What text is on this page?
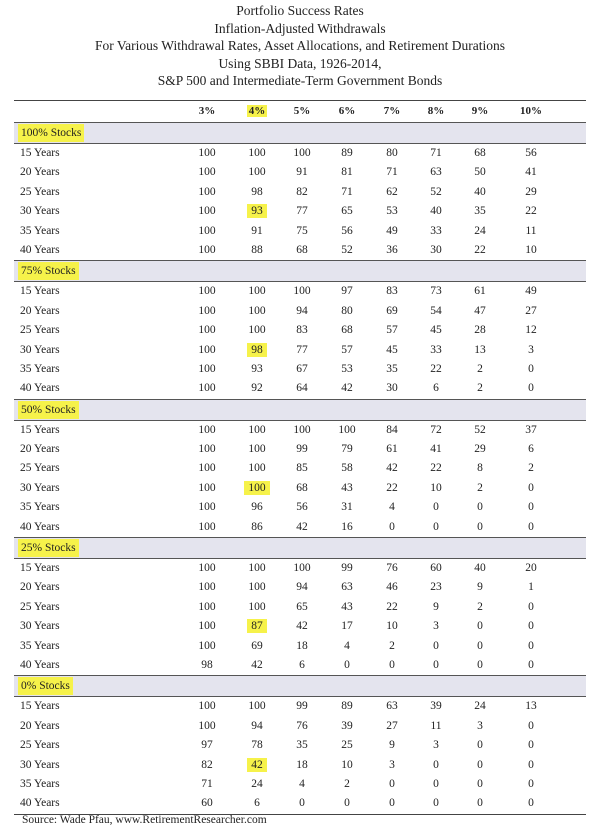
Portfolio Success Rates
Inflation-Adjusted Withdrawals
For Various Withdrawal Rates, Asset Allocations, and Retirement Durations
Using SBBI Data, 1926-2014,
S&P 500 and Intermediate-Term Government Bonds
3%	4%	5%	6%	7%	8%	9%	10%
100% Stocks
15 Years	100	100	100	89	80	71	68	56
20 Years	100	100	91	81	71	63	50	41
25 Years	100	98	82	71	62	52	40	29
30 Years	100	93	77	65	53	40	35	22
35 Years	100	91	75	56	49	33	24	11
40 Years	100	88	68	52	36	30	22	10
75% Stocks
15 Years	100	100	100	97	83	73	61	49
20 Years	100	100	94	80	69	54	47	27
25 Years	100	100	83	68	57	45	28	12
30 Years	100	98	77	57	45	33	13	3
35 Years	100	93	67	53	35	22	2	0
40 Years	100	92	64	42	30	6	2	0
50% Stocks
15 Years	100	100	100	100	84	72	52	37
20 Years	100	100	99	79	61	41	29	6
25 Years	100	100	85	58	42	22	8	2
30 Years	100	100	68	43	22	10	2	0
35 Years	100	96	56	31	4	0	0	0
40 Years	100	86	42	16	0	0	0	0
25% Stocks
15 Years	100	100	100	99	76	60	40	20
20 Years	100	100	94	63	46	23	9	1
25 Years	100	100	65	43	22	9	2	0
30 Years	100	87	42	17	10	3	0	0
35 Years	100	69	18	4	2	0	0	0
40 Years	98	42	6	0	0	0	0	0
0% Stocks
15 Years	100	100	99	89	63	39	24	13
20 Years	100	94	76	39	27	11	3	0
25 Years	97	78	35	25	9	3	0	0
30 Years	82	42	18	10	3	0	0	0
35 Years	71	24	4	2	0	0	0	0
40 Years	60	6	0	0	0	0	0	0
Source: Wade Pfau, www.RetirementResearcher.com
